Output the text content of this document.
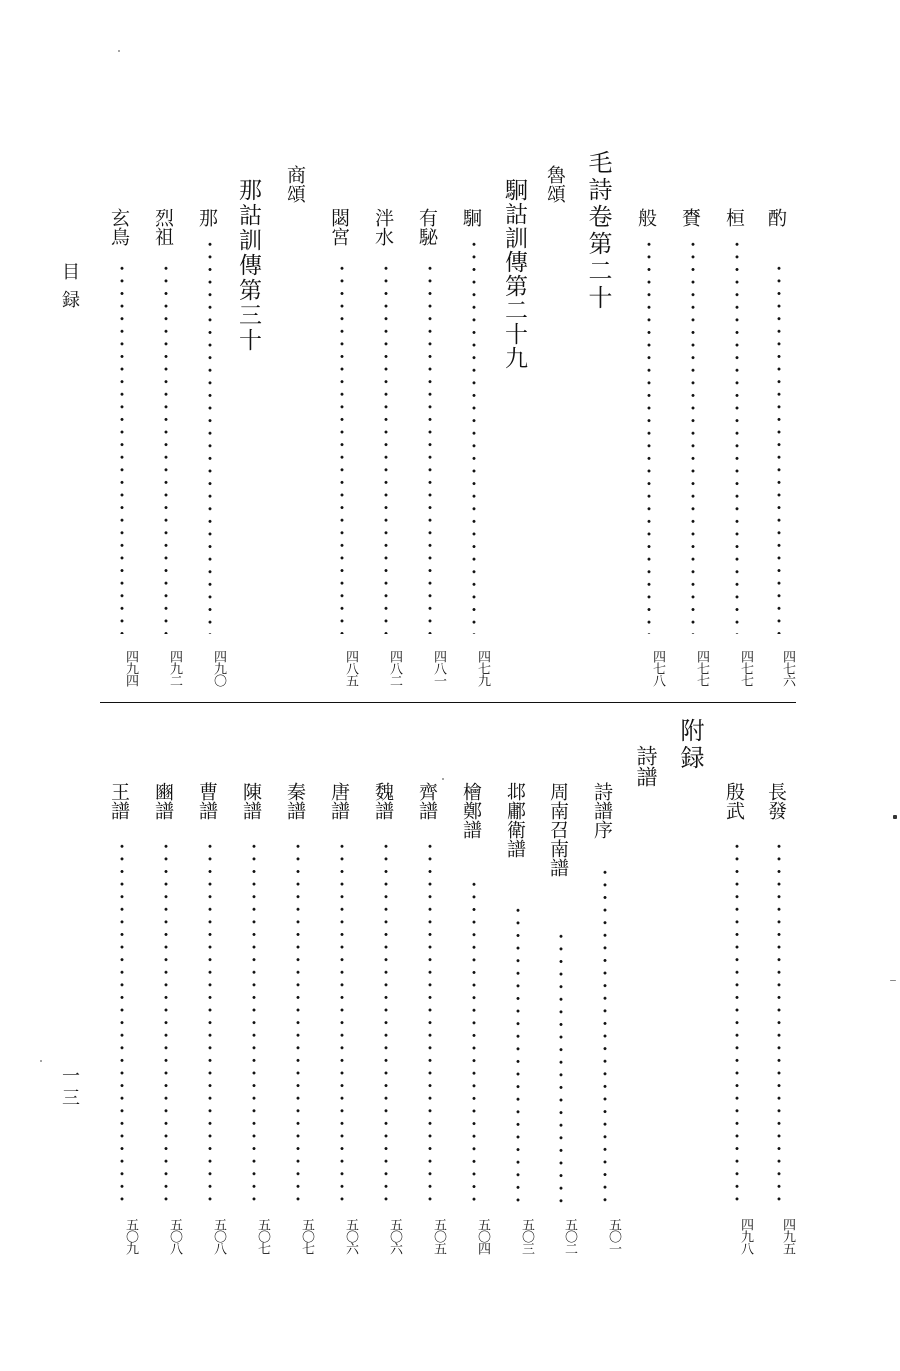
目録
一三
酌
四七六
桓
四七七
賚
四七七
般
四七八
毛詩卷第二十
魯頌
駉詁訓傳第二十九
駉
四七九
有駜
四八一
泮水
四八二
閟宮
四八五
商頌
那詁訓傳第三十
那
四九〇
烈祖
四九二
玄鳥
四九四
長發
四九五
殷武
四九八
附録
詩譜
詩譜序
五〇一
周南召南譜
五〇二
邶鄘衛譜
五〇三
檜鄭譜
五〇四
齊譜
五〇五
魏譜
五〇六
唐譜
五〇六
秦譜
五〇七
陳譜
五〇七
曹譜
五〇八
豳譜
五〇八
王譜
五〇九
